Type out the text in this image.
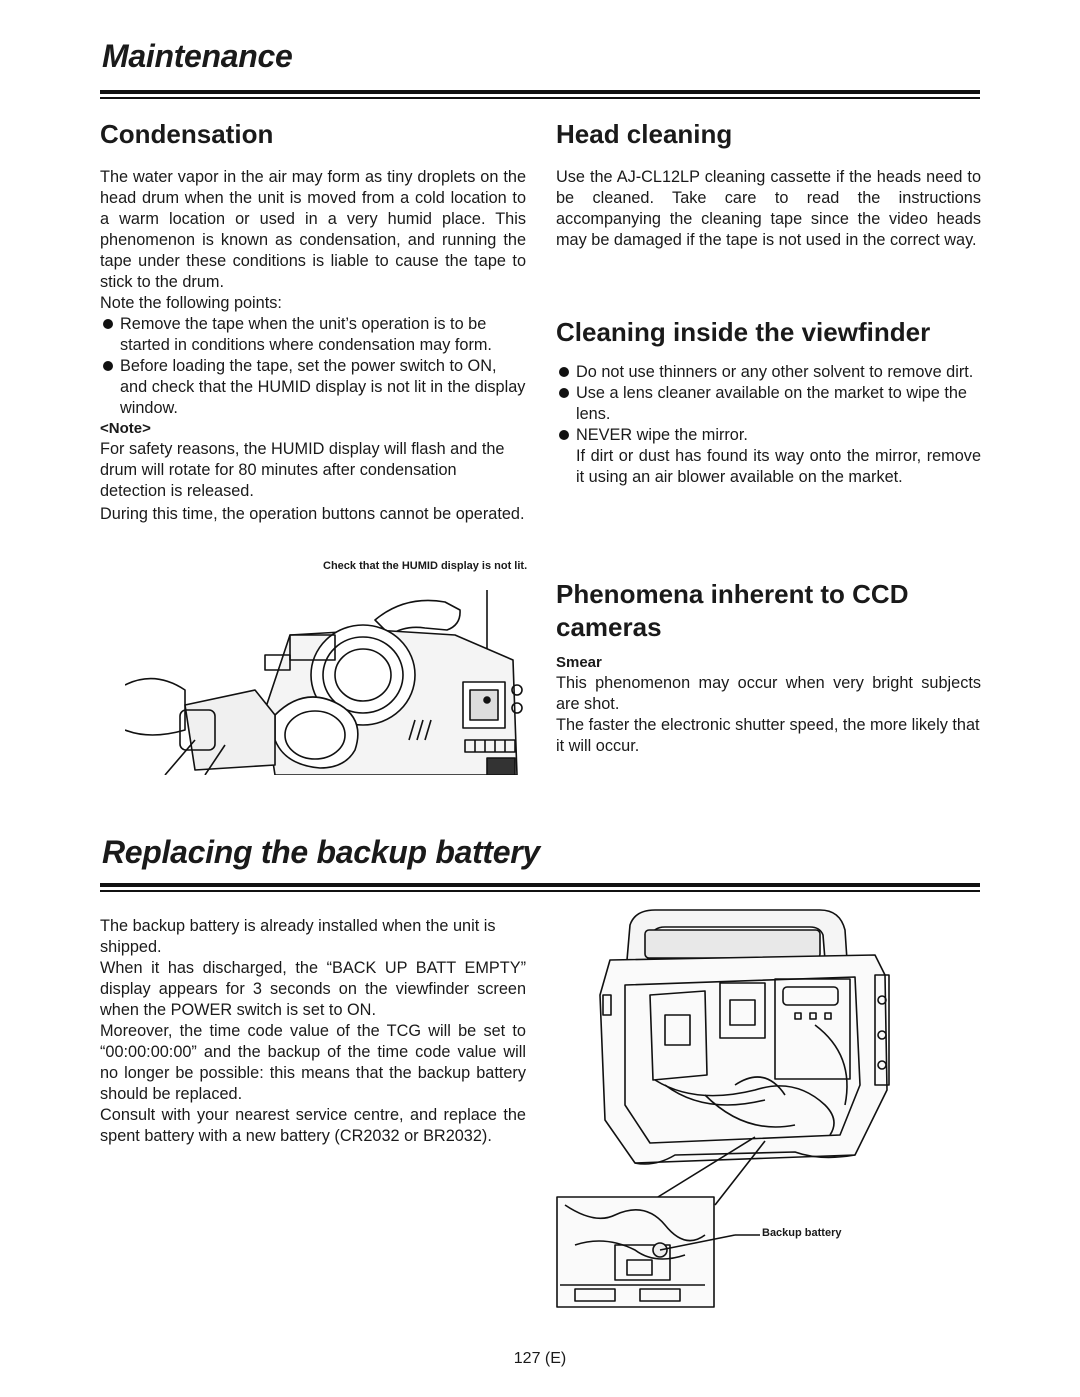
Maintenance
Condensation

The water vapor in the air may form as tiny droplets on the head drum when the unit is moved from a cold location to a warm location or used in a very humid place. This phenomenon is known as condensation, and running the tape under these conditions is liable to cause the tape to stick to the drum.

Note the following points:

Remove the tape when the unit’s operation is to be started in conditions where condensation may form.
Before loading the tape, set the power switch to ON, and check that the HUMID display is not lit in the display window.

<Note>

For safety reasons, the HUMID display will flash and the drum will rotate for 80 minutes after condensation detection is released.

During this time, the operation buttons cannot be operated.

Check that the HUMID display is not lit.
Head cleaning

Use the AJ-CL12LP cleaning cassette if the heads need to be cleaned. Take care to read the instructions accompanying the cleaning tape since the video heads may be damaged if the tape is not used in the correct way.

Cleaning inside the viewfinder
Do not use thinners or any other solvent to remove dirt.
Use a lens cleaner available on the market to wipe the lens.
NEVER wipe the mirror.

If dirt or dust has found its way onto the mirror, remove it using an air blower available on the market.

Phenomena inherent to CCD cameras

Smear

This phenomenon may occur when very bright subjects are shot.

The faster the electronic shutter speed, the more likely that it will occur.

Replacing the backup battery

The backup battery is already installed when the unit is shipped.

When it has discharged, the “BACK UP BATT EMPTY” display appears for 3 seconds on the viewfinder screen when the POWER switch is set to ON.

Moreover, the time code value of the TCG will be set to “00:00:00:00” and the backup of the time code value will no longer be possible: this means that the backup battery should be replaced.

Consult with your nearest service centre, and replace the spent battery with a new battery (CR2032 or BR2032).

Backup battery
127 (E)
